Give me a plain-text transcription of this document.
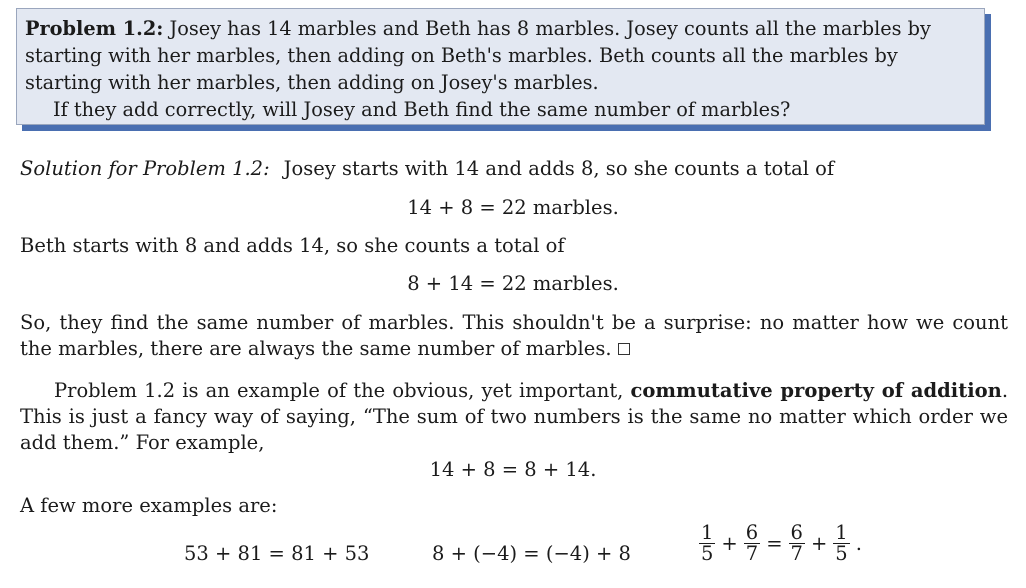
Problem 1.2: Josey has 14 marbles and Beth has 8 marbles. Josey counts all the marbles by starting with her marbles, then adding on Beth's marbles. Beth counts all the marbles by starting with her marbles, then adding on Josey's marbles.

If they add correctly, will Josey and Beth find the same number of marbles?

Solution for Problem 1.2: Josey starts with 14 and adds 8, so she counts a total of
14 + 8 = 22 marbles.
Beth starts with 8 and adds 14, so she counts a total of
8 + 14 = 22 marbles.
So, they find the same number of marbles. This shouldn't be a surprise: no matter how we count the marbles, there are always the same number of marbles.
Problem 1.2 is an example of the obvious, yet important, commutative property of addition. This is just a fancy way of saying, “The sum of two numbers is the same no matter which order we add them.” For example,
14 + 8 = 8 + 14.
A few more examples are:
53 + 81 = 81 + 53	8 + (−4) = (−4) + 8	$\frac{1}{5} + \frac{6}{7} = \frac{6}{7} + \frac{1}{5}$ .
